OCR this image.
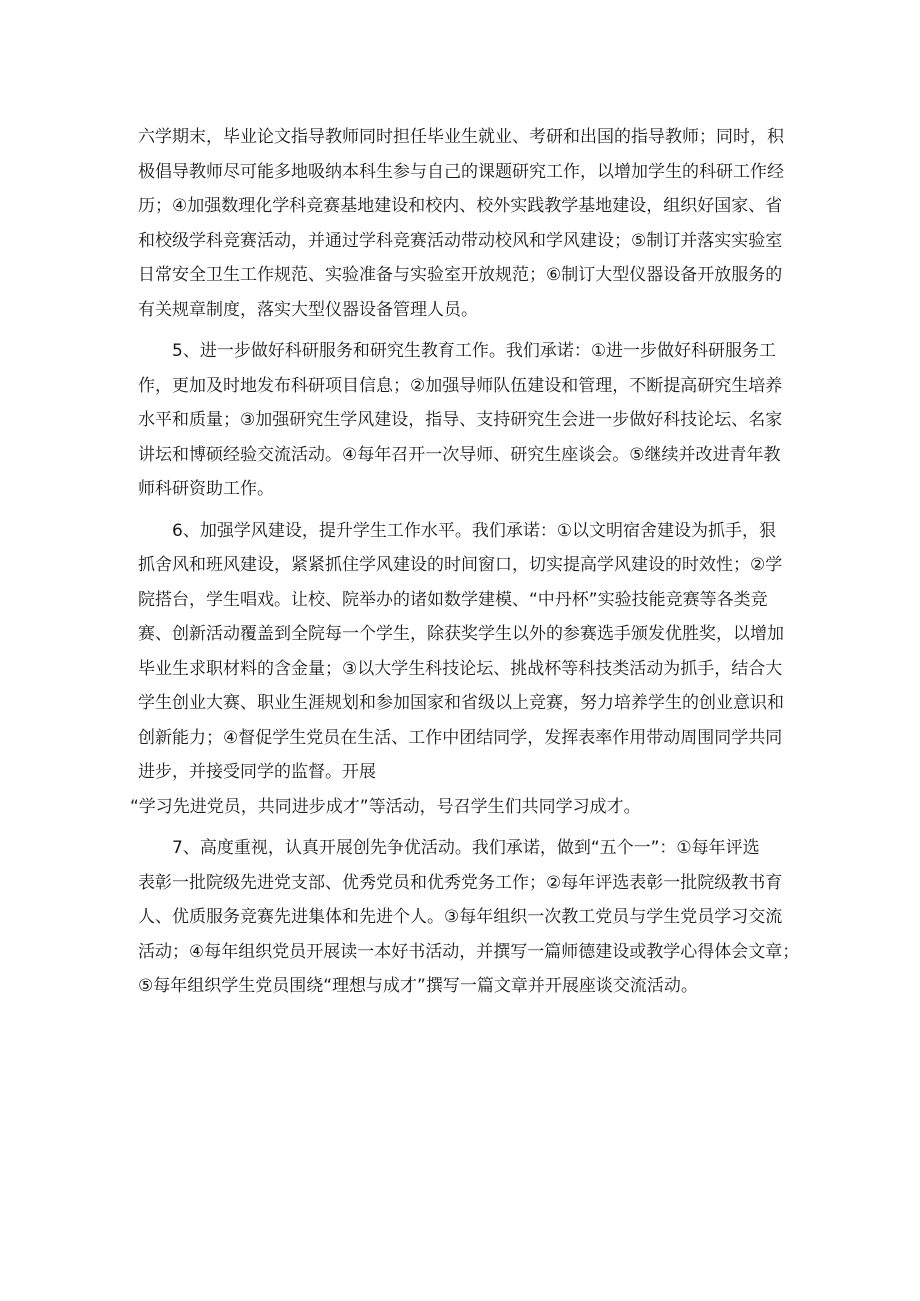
六学期末，毕业论文指导教师同时担任毕业生就业、考研和出国的指导教师；同时，积
极倡导教师尽可能多地吸纳本科生参与自己的课题研究工作，以增加学生的科研工作经
历；④加强数理化学科竞赛基地建设和校内、校外实践教学基地建设，组织好国家、省
和校级学科竞赛活动，并通过学科竞赛活动带动校风和学风建设；⑤制订并落实实验室
日常安全卫生工作规范、实验准备与实验室开放规范；⑥制订大型仪器设备开放服务的
有关规章制度，落实大型仪器设备管理人员。
5、进一步做好科研服务和研究生教育工作。我们承诺：①进一步做好科研服务工
作，更加及时地发布科研项目信息；②加强导师队伍建设和管理，不断提高研究生培养
水平和质量；③加强研究生学风建设，指导、支持研究生会进一步做好科技论坛、名家
讲坛和博硕经验交流活动。④每年召开一次导师、研究生座谈会。⑤继续并改进青年教
师科研资助工作。
6、加强学风建设，提升学生工作水平。我们承诺：①以文明宿舍建设为抓手，狠
抓舍风和班风建设，紧紧抓住学风建设的时间窗口，切实提高学风建设的时效性；②学
院搭台，学生唱戏。让校、院举办的诸如数学建模、“中丹杯”实验技能竞赛等各类竞
赛、创新活动覆盖到全院每一个学生，除获奖学生以外的参赛选手颁发优胜奖，以增加
毕业生求职材料的含金量；③以大学生科技论坛、挑战杯等科技类活动为抓手，结合大
学生创业大赛、职业生涯规划和参加国家和省级以上竞赛，努力培养学生的创业意识和
创新能力；④督促学生党员在生活、工作中团结同学，发挥表率作用带动周围同学共同
进步，并接受同学的监督。开展
“学习先进党员，共同进步成才”等活动，号召学生们共同学习成才。
7、高度重视，认真开展创先争优活动。我们承诺，做到“五个一”：①每年评选
表彰一批院级先进党支部、优秀党员和优秀党务工作；②每年评选表彰一批院级教书育
人、优质服务竞赛先进集体和先进个人。③每年组织一次教工党员与学生党员学习交流
活动；④每年组织党员开展读一本好书活动，并撰写一篇师德建设或教学心得体会文章；
⑤每年组织学生党员围绕“理想与成才”撰写一篇文章并开展座谈交流活动。
